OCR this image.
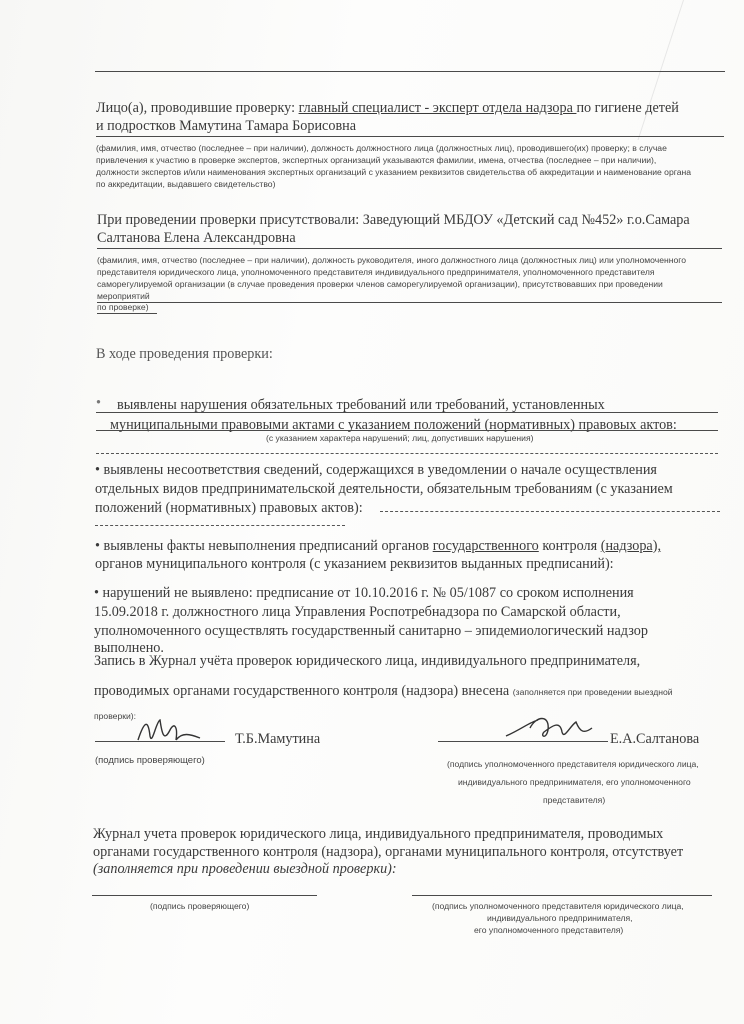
Лицо(а), проводившие проверку: главный специалист - эксперт отдела надзора по гигиене детей
и подростков Мамутина Тамара Борисовна
(фамилия, имя, отчество (последнее – при наличии), должность должностного лица (должностных лиц), проводившего(их) проверку; в случае
привлечения к участию в проверке экспертов, экспертных организаций указываются фамилии, имена, отчества (последнее – при наличии),
должности экспертов и/или наименования экспертных организаций с указанием реквизитов свидетельства об аккредитации и наименование органа
по аккредитации, выдавшего свидетельство)
При проведении проверки присутствовали: Заведующий МБДОУ «Детский сад №452» г.о.Самара
Салтанова Елена Александровна
(фамилия, имя, отчество (последнее – при наличии), должность руководителя, иного должностного лица (должностных лиц) или уполномоченного
представителя юридического лица, уполномоченного представителя индивидуального предпринимателя, уполномоченного представителя
саморегулируемой организации (в случае проведения проверки членов саморегулируемой организации), присутствовавших при проведении
мероприятий
по проверке)
В ходе проведения проверки:
• выявлены нарушения обязательных требований или требований, установленных
муниципальными правовыми актами с указанием положений (нормативных) правовых актов:
(с указанием характера нарушений; лиц, допустивших нарушения)
• выявлены несоответствия сведений, содержащихся в уведомлении о начале осуществления
отдельных видов предпринимательской деятельности, обязательным требованиям (с указанием
положений (нормативных) правовых актов):
• выявлены факты невыполнения предписаний органов государственного контроля (надзора),
органов муниципального контроля (с указанием реквизитов выданных предписаний):
• нарушений не выявлено: предписание от 10.10.2016 г. № 05/1087 со сроком исполнения
15.09.2018 г. должностного лица Управления Роспотребнадзора по Самарской области,
уполномоченного осуществлять государственный санитарно – эпидемиологический надзор
выполнено.
Запись в Журнал учёта проверок юридического лица, индивидуального предпринимателя,
проводимых органами государственного контроля (надзора) внесена (заполняется при проведении выездной
проверки):
Т.Б.Мамутина
(подпись проверяющего)
Е.А.Салтанова
(подпись уполномоченного представителя юридического лица,
индивидуального предпринимателя, его уполномоченного
представителя)
Журнал учета проверок юридического лица, индивидуального предпринимателя, проводимых
органами государственного контроля (надзора), органами муниципального контроля, отсутствует
(заполняется при проведении выездной проверки):
(подпись проверяющего)	(подпись уполномоченного представителя юридического лица,
индивидуального предпринимателя,
его уполномоченного представителя)
